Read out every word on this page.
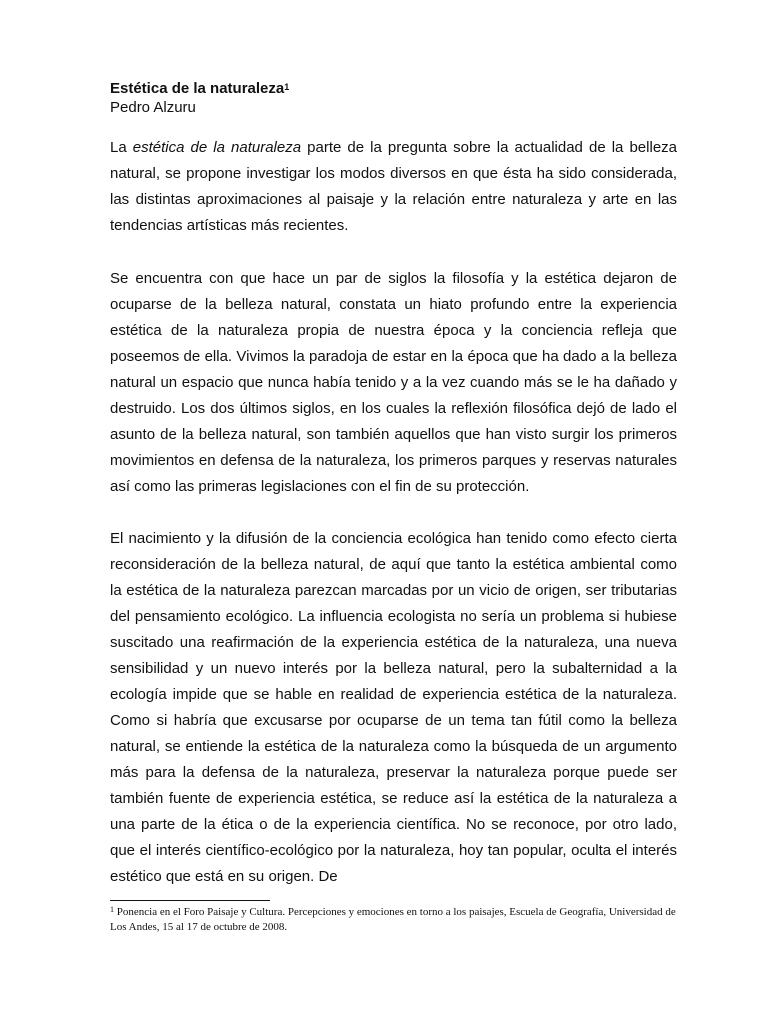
Estética de la naturaleza$^1$

Pedro Alzuru

La estética de la naturaleza parte de la pregunta sobre la actualidad de la belleza natural, se propone investigar los modos diversos en que ésta ha sido considerada, las distintas aproximaciones al paisaje y la relación entre naturaleza y arte en las tendencias artísticas más recientes.

Se encuentra con que hace un par de siglos la filosofía y la estética dejaron de ocuparse de la belleza natural, constata un hiato profundo entre la experiencia estética de la naturaleza propia de nuestra época y la conciencia refleja que poseemos de ella. Vivimos la paradoja de estar en la época que ha dado a la belleza natural un espacio que nunca había tenido y a la vez cuando más se le ha dañado y destruido. Los dos últimos siglos, en los cuales la reflexión filosófica dejó de lado el asunto de la belleza natural, son también aquellos que han visto surgir los primeros movimientos en defensa de la naturaleza, los primeros parques y reservas naturales así como las primeras legislaciones con el fin de su protección.

El nacimiento y la difusión de la conciencia ecológica han tenido como efecto cierta reconsideración de la belleza natural, de aquí que tanto la estética ambiental como la estética de la naturaleza parezcan marcadas por un vicio de origen, ser tributarias del pensamiento ecológico. La influencia ecologista no sería un problema si hubiese suscitado una reafirmación de la experiencia estética de la naturaleza, una nueva sensibilidad y un nuevo interés por la belleza natural, pero la subalternidad a la ecología impide que se hable en realidad de experiencia estética de la naturaleza. Como si habría que excusarse por ocuparse de un tema tan fútil como la belleza natural, se entiende la estética de la naturaleza como la búsqueda de un argumento más para la defensa de la naturaleza, preservar la naturaleza porque puede ser también fuente de experiencia estética, se reduce así la estética de la naturaleza a una parte de la ética o de la experiencia científica. No se reconoce, por otro lado, que el interés científico-ecológico por la naturaleza, hoy tan popular, oculta el interés estético que está en su origen. De

$^1$ Ponencia en el Foro Paisaje y Cultura. Percepciones y emociones en torno a los paisajes, Escuela de Geografía, Universidad de Los Andes, 15 al 17 de octubre de 2008.
